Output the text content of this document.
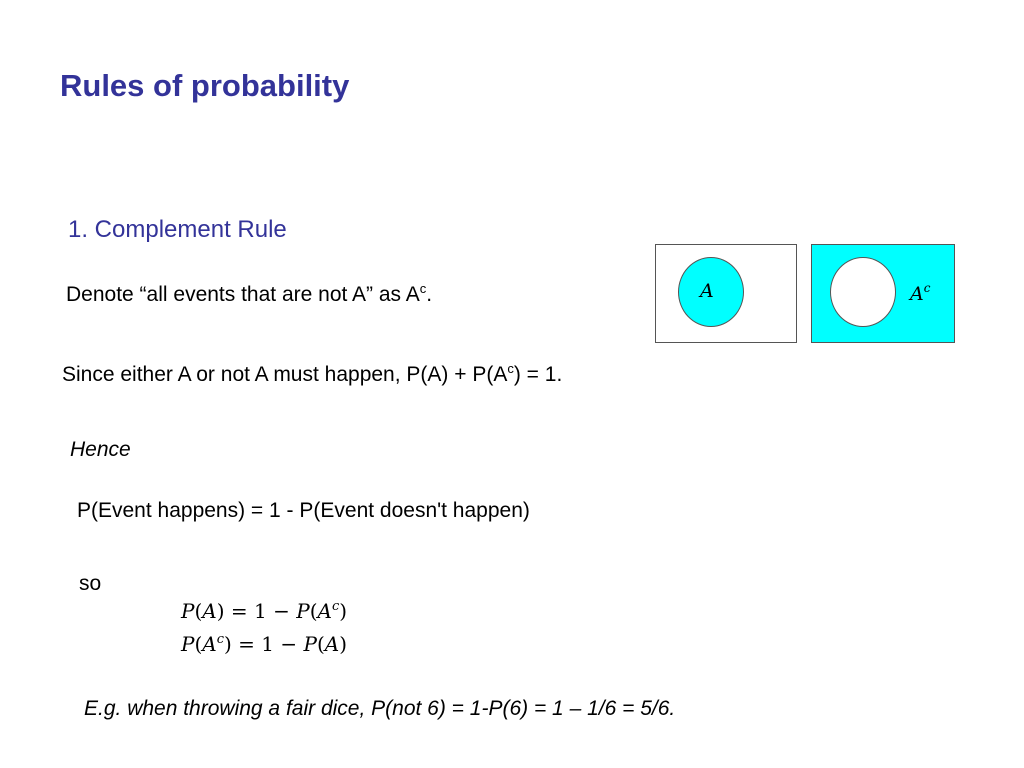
Rules of probability
1. Complement Rule
Denote “all events that are not A” as $A^c$.	A	$A^c$
Since either A or not A must happen, $P(A) + P(A^c) = 1$.
Hence
P(Event happens) = 1 - P(Event doesn't happen)
so
$P(A) = 1 - P(A^c)$
$P(A^c) = 1 - P(A)$
E.g. when throwing a fair dice, P(not 6) = 1-P(6) = 1 – 1/6 = 5/6.
